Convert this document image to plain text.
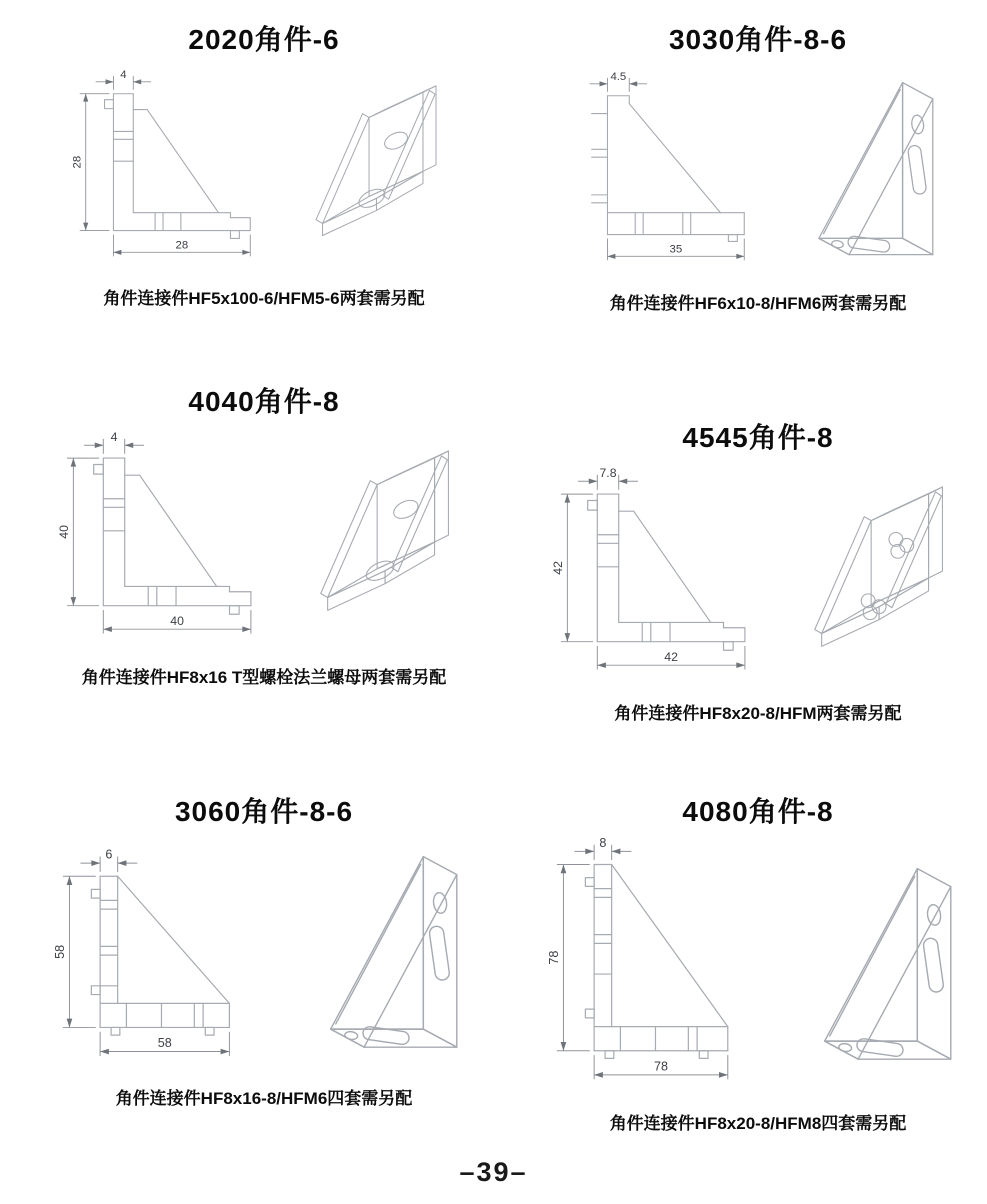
2020角件-6
4
28
28

角件连接件HF5x100-6/HFM5-6两套需另配

3030角件-8-6
4.5
35

角件连接件HF6x10-8/HFM6两套需另配

4040角件-8
4
40
40

角件连接件HF8x16 T型螺栓法兰螺母两套需另配

4545角件-8
7.8
42
42

角件连接件HF8x20-8/HFM两套需另配

3060角件-8-6
6
58
58

角件连接件HF8x16-8/HFM6四套需另配

4080角件-8
8
78
78

角件连接件HF8x20-8/HFM8四套需另配

–39–
